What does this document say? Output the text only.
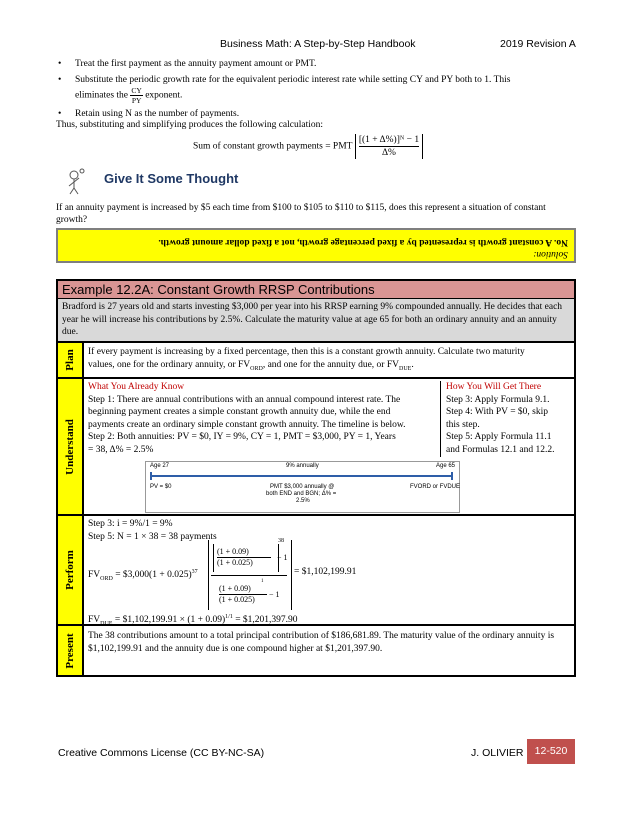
Business Math: A Step-by-Step Handbook	2019 Revision A
• Treat the first payment as the annuity payment amount or PMT.
• Substitute the periodic growth rate for the equivalent periodic interest rate while setting CY and PY both to 1. This
eliminates the $\frac{CY}{PY}$ exponent.
• Retain using N as the number of payments.
Thus, substituting and simplifying produces the following calculation:
Sum of constant growth payments = PMT $\frac{\text{[(1 + Δ\%)]ᴺ − 1}}{\Delta\%}$
Give It Some Thought
If an annuity payment is increased by $5 each time from $100 to $105 to $110 to $115, does this represent a situation of constant growth?
Solution:
No. A constant growth is represented by a fixed percentage growth, not a fixed dollar amount growth.
Example 12.2A: Constant Growth RRSP Contributions
Bradford is 27 years old and starts investing $3,000 per year into his RRSP earning 9% compounded annually. He decides that each year he will increase his contributions by 2.5%. Calculate the maturity value at age 65 for both an ordinary annuity and an annuity due.
Plan If every payment is increasing by a fixed percentage, then this is a constant growth annuity. Calculate two maturity
values, one for the ordinary annuity, or $FV_{ORD}$, and one for the annuity due, or $FV_{DUE}$.
Understand
What You Already Know
Step 1: There are annual contributions with an annual compound interest rate. The
beginning payment creates a simple constant growth annuity due, while the end
payments create an ordinary simple constant growth annuity. The timeline is below.
Step 2: Both annuities: PV = $0, IY = 9%, CY = 1, PMT = $3,000, PY = 1, Years
= 38, Δ% = 2.5%
How You Will Get There
Step 3: Apply Formula 9.1.
Step 4: With PV = $0, skip
this step.
Step 5: Apply Formula 11.1
and Formulas 12.1 and 12.2.
Age 27	9% annually	Age 65
PV = $0	FVORD or FVDUE
PMT $3,000 annually @
both END and BGN; Δ% =
2.5%
Perform
Step 3: i = 9%/1 = 9%
Step 5: N = 1 × 38 = 38 payments
$FV_{ORD}$ = $3,000(1 + 0.025)$^{37}$
38
(1 + 0.09)
(1 + 0.025)
− 1
(1 + 0.09)
1
(1 + 0.025)
− 1
= $1,102,199.91
$FV_{DUE}$ = $1,102,199.91 × $(1 + 0.09)^{1/1}$ = $1,201,397.90
Present The 38 contributions amount to a total principal contribution of $186,681.89. The maturity value of the ordinary annuity is $1,102,199.91 and the annuity due is one compound higher at $1,201,397.90.
Creative Commons License (CC BY-NC-SA)	J. OLIVIER	12-520
